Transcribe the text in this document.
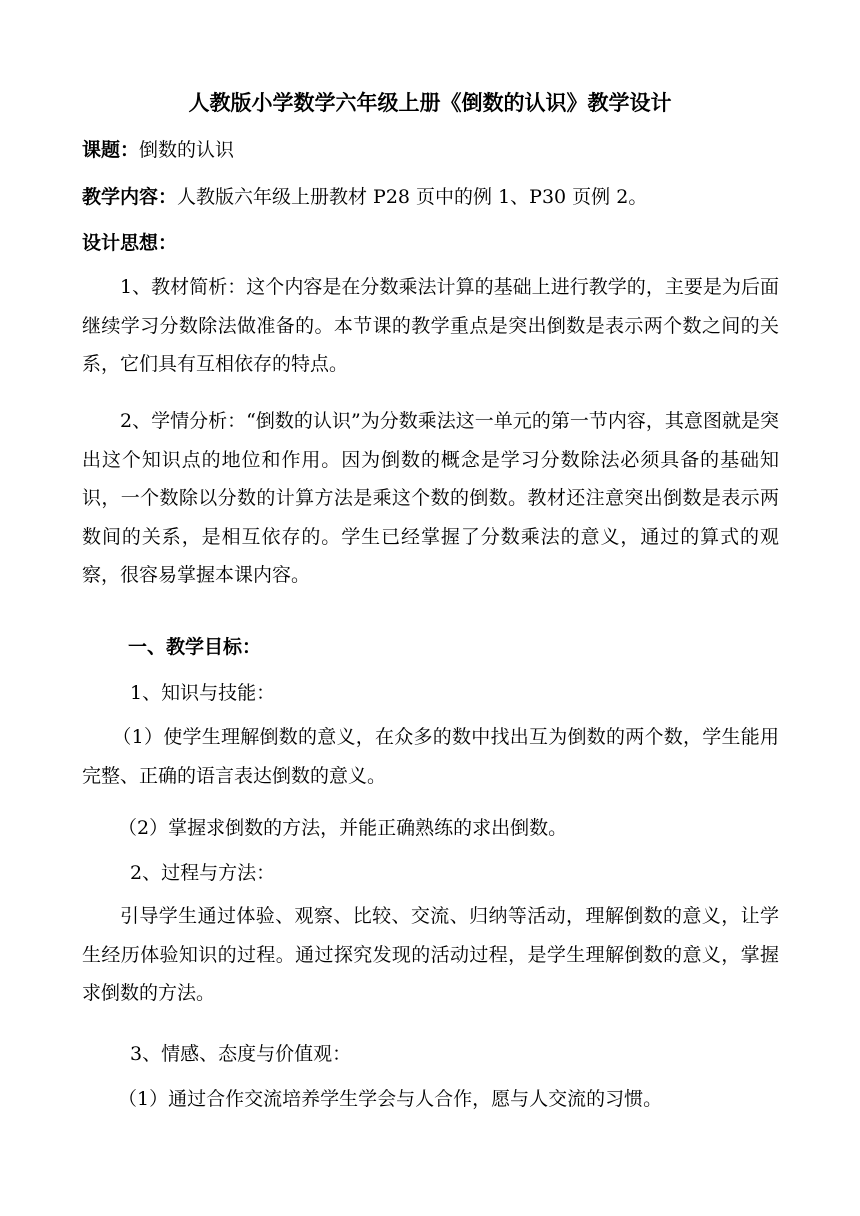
人教版小学数学六年级上册《倒数的认识》教学设计
课题：倒数的认识
教学内容：人教版六年级上册教材 P28 页中的例 1、P30 页例 2。
设计思想：
1、教材简析：这个内容是在分数乘法计算的基础上进行教学的，主要是为后面继续学习分数除法做准备的。本节课的教学重点是突出倒数是表示两个数之间的关系，它们具有互相依存的特点。
2、学情分析：“倒数的认识”为分数乘法这一单元的第一节内容，其意图就是突出这个知识点的地位和作用。因为倒数的概念是学习分数除法必须具备的基础知识，一个数除以分数的计算方法是乘这个数的倒数。教材还注意突出倒数是表示两数间的关系，是相互依存的。学生已经掌握了分数乘法的意义，通过的算式的观察，很容易掌握本课内容。
一、教学目标：
1、知识与技能：
（1）使学生理解倒数的意义，在众多的数中找出互为倒数的两个数，学生能用完整、正确的语言表达倒数的意义。
（2）掌握求倒数的方法，并能正确熟练的求出倒数。
2、过程与方法：
引导学生通过体验、观察、比较、交流、归纳等活动，理解倒数的意义，让学生经历体验知识的过程。通过探究发现的活动过程，是学生理解倒数的意义，掌握求倒数的方法。
3、情感、态度与价值观：
（1）通过合作交流培养学生学会与人合作，愿与人交流的习惯。
